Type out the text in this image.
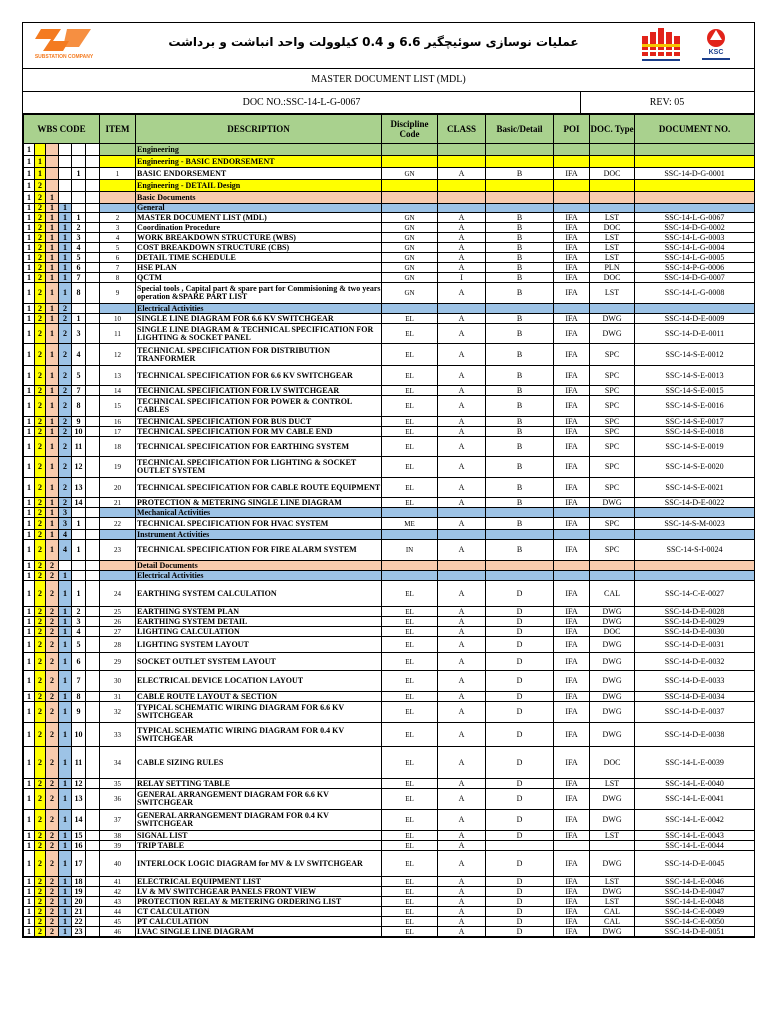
SUBSTATION COMPANY
عملیات نوسازی سوئیچگیر 6.6 و 0.4 کیلوولت واحد انباشت و برداشت
KSC
MASTER DOCUMENT LIST (MDL)
DOC NO.:SSC-14-L-G-0067	REV: 05
WBS CODE						ITEM	DESCRIPTION	Discipline Code	CLASS	Basic/Detail	POI	DOC. Type	DOCUMENT NO.
1							Engineering						
1	1						Engineering - BASIC ENDORSEMENT						
1	1			1		1	BASIC ENDORSEMENT	GN	A	B	IFA	DOC	SSC-14-D-G-0001
1	2						Engineering - DETAIL Design						
1	2	1					Basic Documents						
1	2	1	1				General						
1	2	1	1	1		2	MASTER DOCUMENT LIST (MDL)	GN	A	B	IFA	LST	SSC-14-L-G-0067
1	2	1	1	2		3	Coordination Procedure	GN	A	B	IFA	DOC	SSC-14-D-G-0002
1	2	1	1	3		4	WORK BREAKDOWN STRUCTURE (WBS)	GN	A	B	IFA	LST	SSC-14-L-G-0003
1	2	1	1	4		5	COST BREAKDOWN STRUCTURE (CBS)	GN	A	B	IFA	LST	SSC-14-L-G-0004
1	2	1	1	5		6	DETAIL TIME SCHEDULE	GN	A	B	IFA	LST	SSC-14-L-G-0005
1	2	1	1	6		7	HSE PLAN	GN	A	B	IFA	PLN	SSC-14-P-G-0006
1	2	1	1	7		8	QCTM	GN	I	B	IFA	DOC	SSC-14-D-G-0007
1	2	1	1	8		9	Special tools , Capital part & spare part for Commisioning & two years operation &SPARE PART LIST	GN	A	B	IFA	LST	SSC-14-L-G-0008
1	2	1	2				Electrical Activities						
1	2	1	2	1		10	SINGLE LINE DIAGRAM FOR 6.6 KV SWITCHGEAR	EL	A	B	IFA	DWG	SSC-14-D-E-0009
1	2	1	2	3		11	SINGLE LINE DIAGRAM & TECHNICAL SPECIFICATION FOR LIGHTING & SOCKET PANEL	EL	A	B	IFA	DWG	SSC-14-D-E-0011
1	2	1	2	4		12	TECHNICAL SPECIFICATION FOR DISTRIBUTION TRANFORMER	EL	A	B	IFA	SPC	SSC-14-S-E-0012
1	2	1	2	5		13	TECHNICAL SPECIFICATION FOR 6.6 KV SWITCHGEAR	EL	A	B	IFA	SPC	SSC-14-S-E-0013
1	2	1	2	7		14	TECHNICAL SPECIFICATION FOR LV SWITCHGEAR	EL	A	B	IFA	SPC	SSC-14-S-E-0015
1	2	1	2	8		15	TECHNICAL SPECIFICATION FOR POWER & CONTROL CABLES	EL	A	B	IFA	SPC	SSC-14-S-E-0016
1	2	1	2	9		16	TECHNICAL SPECIFICATION FOR BUS DUCT	EL	A	B	IFA	SPC	SSC-14-S-E-0017
1	2	1	2	10		17	TECHNICAL SPECIFICATION FOR MV CABLE END	EL	A	B	IFA	SPC	SSC-14-S-E-0018
1	2	1	2	11		18	TECHNICAL SPECIFICATION FOR EARTHING SYSTEM	EL	A	B	IFA	SPC	SSC-14-S-E-0019
1	2	1	2	12		19	TECHNICAL SPECIFICATION FOR LIGHTING & SOCKET OUTLET SYSTEM	EL	A	B	IFA	SPC	SSC-14-S-E-0020
1	2	1	2	13		20	TECHNICAL SPECIFICATION FOR CABLE ROUTE EQUIPMENT	EL	A	B	IFA	SPC	SSC-14-S-E-0021
1	2	1	2	14		21	PROTECTION & METERING SINGLE LINE DIAGRAM	EL	A	B	IFA	DWG	SSC-14-D-E-0022
1	2	1	3				Mechanical Activities						
1	2	1	3	1		22	TECHNICAL SPECIFICATION FOR HVAC SYSTEM	ME	A	B	IFA	SPC	SSC-14-S-M-0023
1	2	1	4				Instrument Activities						
1	2	1	4	1		23	TECHNICAL SPECIFICATION FOR FIRE ALARM SYSTEM	IN	A	B	IFA	SPC	SSC-14-S-I-0024
1	2	2					Detail Documents						
1	2	2	1				Electrical Activities						
1	2	2	1	1		24	EARTHING SYSTEM CALCULATION	EL	A	D	IFA	CAL	SSC-14-C-E-0027
1	2	2	1	2		25	EARTHING SYSTEM PLAN	EL	A	D	IFA	DWG	SSC-14-D-E-0028
1	2	2	1	3		26	EARTHING SYSTEM DETAIL	EL	A	D	IFA	DWG	SSC-14-D-E-0029
1	2	2	1	4		27	LIGHTING CALCULATION	EL	A	D	IFA	DOC	SSC-14-D-E-0030
1	2	2	1	5		28	LIGHTING SYSTEM LAYOUT	EL	A	D	IFA	DWG	SSC-14-D-E-0031
1	2	2	1	6		29	SOCKET OUTLET SYSTEM LAYOUT	EL	A	D	IFA	DWG	SSC-14-D-E-0032
1	2	2	1	7		30	ELECTRICAL DEVICE LOCATION LAYOUT	EL	A	D	IFA	DWG	SSC-14-D-E-0033
1	2	2	1	8		31	CABLE ROUTE LAYOUT & SECTION	EL	A	D	IFA	DWG	SSC-14-D-E-0034
1	2	2	1	9		32	TYPICAL SCHEMATIC WIRING DIAGRAM FOR 6.6 KV SWITCHGEAR	EL	A	D	IFA	DWG	SSC-14-D-E-0037
1	2	2	1	10		33	TYPICAL SCHEMATIC WIRING DIAGRAM FOR 0.4 KV SWITCHGEAR	EL	A	D	IFA	DWG	SSC-14-D-E-0038
1	2	2	1	11		34	CABLE SIZING RULES	EL	A	D	IFA	DOC	SSC-14-L-E-0039
1	2	2	1	12		35	RELAY SETTING TABLE	EL	A	D	IFA	LST	SSC-14-L-E-0040
1	2	2	1	13		36	GENERAL ARRANGEMENT DIAGRAM FOR 6.6 KV SWITCHGEAR	EL	A	D	IFA	DWG	SSC-14-L-E-0041
1	2	2	1	14		37	GENERAL ARRANGEMENT DIAGRAM FOR 0.4 KV SWITCHGEAR	EL	A	D	IFA	DWG	SSC-14-L-E-0042
1	2	2	1	15		38	SIGNAL LIST	EL	A	D	IFA	LST	SSC-14-L-E-0043
1	2	2	1	16		39	TRIP TABLE	EL	A				SSC-14-L-E-0044
1	2	2	1	17		40	INTERLOCK LOGIC DIAGRAM for MV & LV SWITCHGEAR	EL	A	D	IFA	DWG	SSC-14-D-E-0045
1	2	2	1	18		41	ELECTRICAL EQUIPMENT LIST	EL	A	D	IFA	LST	SSC-14-L-E-0046
1	2	2	1	19		42	LV & MV SWITCHGEAR PANELS FRONT VIEW	EL	A	D	IFA	DWG	SSC-14-D-E-0047
1	2	2	1	20		43	PROTECTION RELAY & METERING ORDERING LIST	EL	A	D	IFA	LST	SSC-14-L-E-0048
1	2	2	1	21		44	CT CALCULATION	EL	A	D	IFA	CAL	SSC-14-C-E-0049
1	2	2	1	22		45	PT CALCULATION	EL	A	D	IFA	CAL	SSC-14-C-E-0050
1	2	2	1	23		46	LVAC SINGLE LINE DIAGRAM	EL	A	D	IFA	DWG	SSC-14-D-E-0051
